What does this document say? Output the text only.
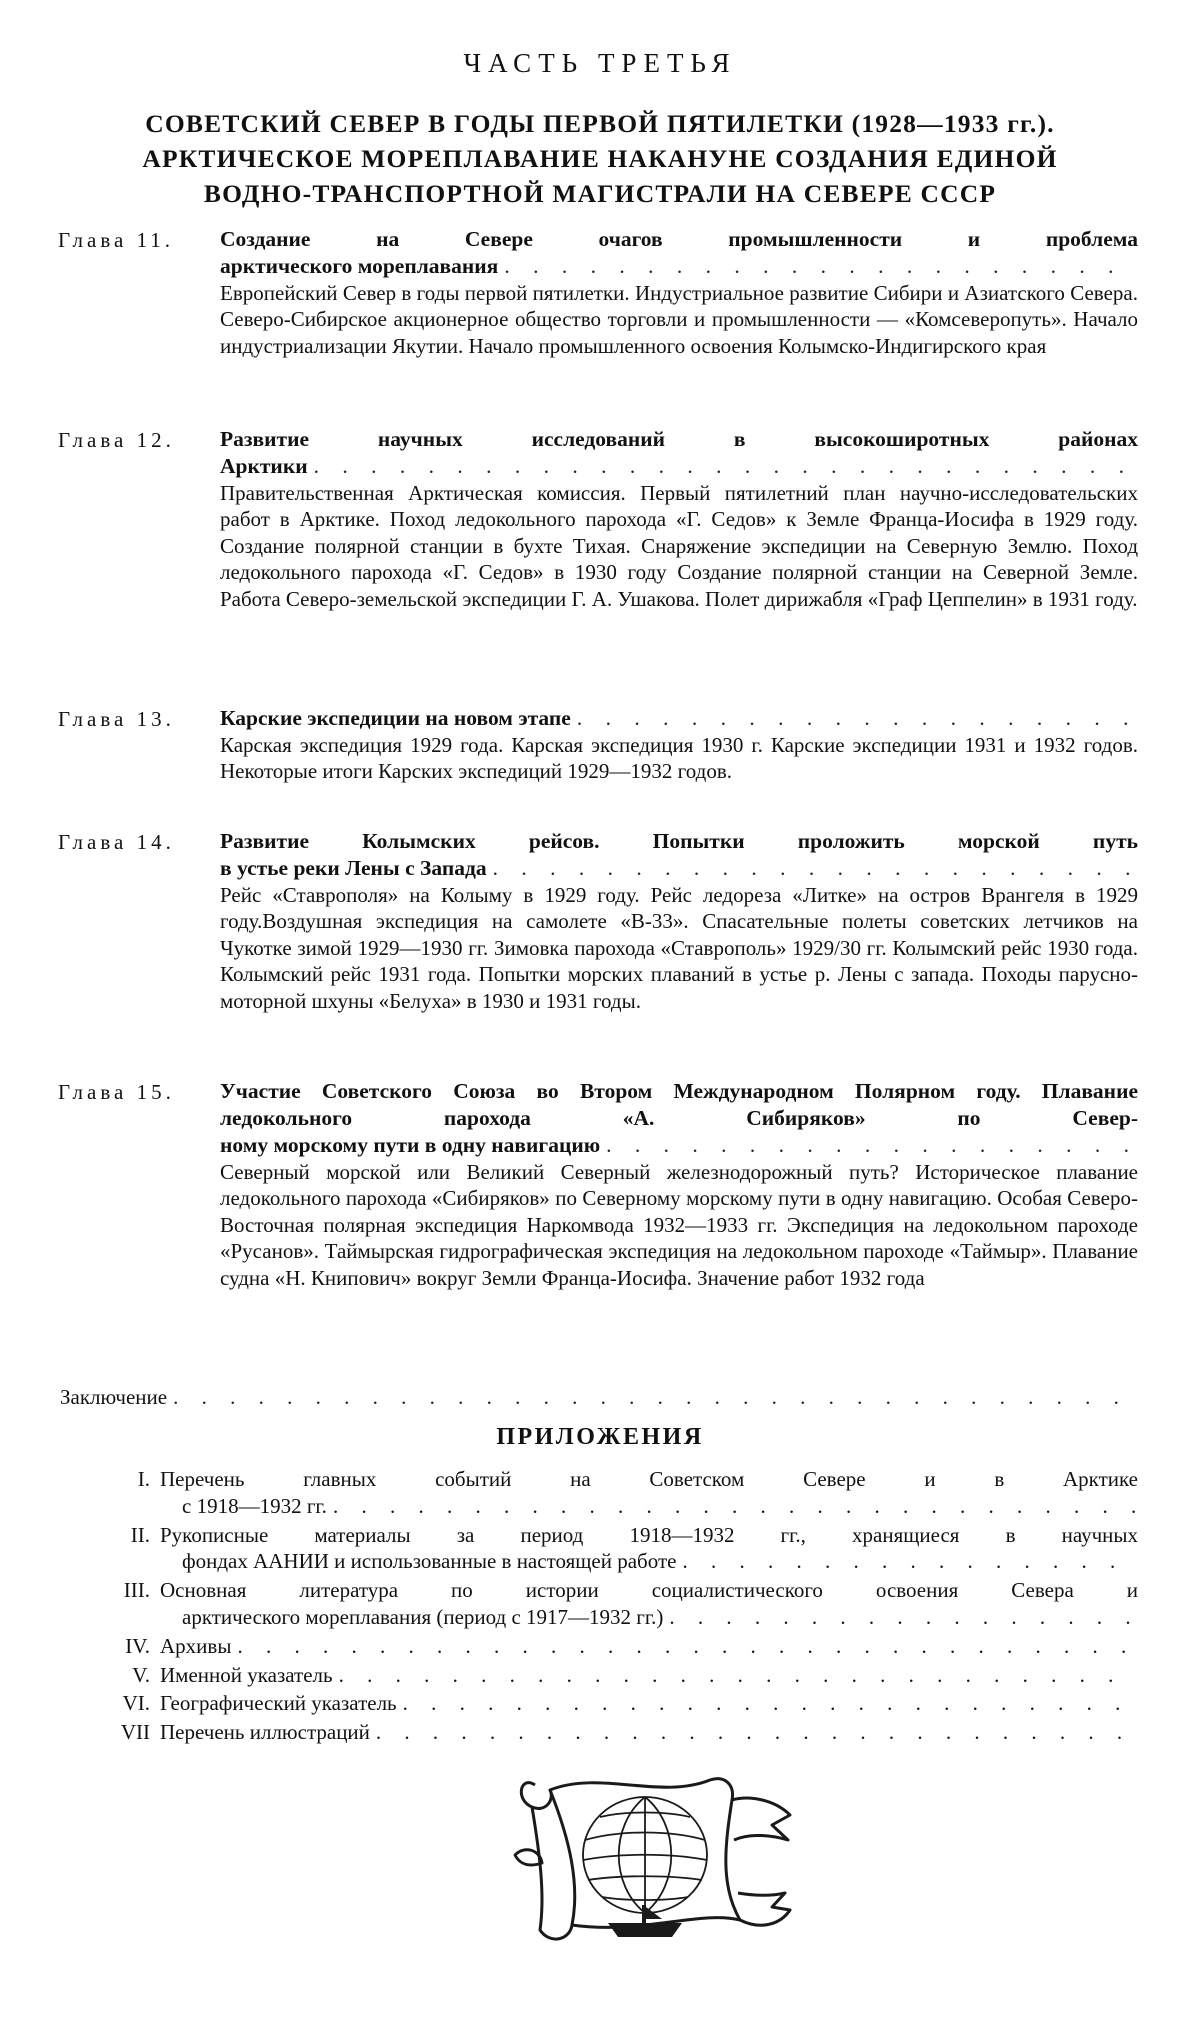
ЧАСТЬ ТРЕТЬЯ
СОВЕТСКИЙ СЕВЕР В ГОДЫ ПЕРВОЙ ПЯТИЛЕТКИ (1928—1933 гг.).
АРКТИЧЕСКОЕ МОРЕПЛАВАНИЕ НАКАНУНЕ СОЗДАНИЯ ЕДИНОЙ
ВОДНО-ТРАНСПОРТНОЙ МАГИСТРАЛИ НА СЕВЕРЕ СССР
Глава 11. Создание на Севере очагов промышленности и проблема
арктического мореплавания
. . .
Европейский Север в годы первой пятилетки. Индустриальное развитие Сибири и Азиатского Севера. Северо-Сибирское акционерное общество торговли и промышленности — «Комсеверопуть». Начало индустриализации Якутии. Начало промышленного освоения Колымско-Индигирского края
Глава 12. Развитие научных исследований в высокоширотных районах
Арктики
. . .
Правительственная Арктическая комиссия. Первый пятилетний план научно-исследовательских работ в Арктике. Поход ледокольного парохода «Г. Седов» к Земле Франца-Иосифа в 1929 году. Создание полярной станции в бухте Тихая. Снаряжение экспедиции на Северную Землю. Поход ледокольного парохода «Г. Седов» в 1930 году Создание полярной станции на Северной Земле. Работа Северо-земельской экспедиции Г. А. Ушакова. Полет дирижабля «Граф Цеппелин» в 1931 году.
Глава 13. Карские экспедиции на новом этапе
. . .
Карская экспедиция 1929 года. Карская экспедиция 1930 г. Карские экспедиции 1931 и 1932 годов. Некоторые итоги Карских экспедиций 1929—1932 годов.
Глава 14. Развитие Колымских рейсов. Попытки проложить морской путь
в устье реки Лены с Запада
. . .
Рейс «Ставрополя» на Колыму в 1929 году. Рейс ледореза «Литке» на остров Врангеля в 1929 году.Воздушная экспедиция на самолете «В-33». Спасательные полеты советских летчиков на Чукотке зимой 1929—1930 гг. Зимовка парохода «Ставрополь» 1929/30 гг. Колымский рейс 1930 года. Колымский рейс 1931 года. Попытки морских плаваний в устье р. Лены с запада. Походы парусно-моторной шхуны «Белуха» в 1930 и 1931 годы.
Глава 15. Участие Советского Союза во Втором Международном Полярном году. Плавание ледокольного парохода «А. Сибиряков» по Север-
ному морскому пути в одну навигацию
. . .
Северный морской или Великий Северный железнодорожный путь? Историческое плавание ледокольного парохода «Сибиряков» по Северному морскому пути в одну навигацию. Особая Северо-Восточная полярная экспедиция Наркомвода 1932—1933 гг. Экспедиция на ледокольном пароходе «Русанов». Таймырская гидрографическая экспедиция на ледокольном пароходе «Таймыр». Плавание судна «Н. Книпович» вокруг Земли Франца-Иосифа. Значение работ 1932 года
Заключение
. . .
ПРИЛОЖЕНИЯ
I. Перечень главных событий на Советском Севере и в Арктике
с 1918—1932 гг.
. . .
II. Рукописные материалы за период 1918—1932 гг., хранящиеся в научных
фондах ААНИИ и использованные в настоящей работе
. . .
III. Основная литература по истории социалистического освоения Севера и
арктического мореплавания (период с 1917—1932 гг.)
. . .
IV. Архивы
. . .
V. Именной указатель
. . .
VI. Географический указатель
. . .
VII Перечень иллюстраций
. . .
